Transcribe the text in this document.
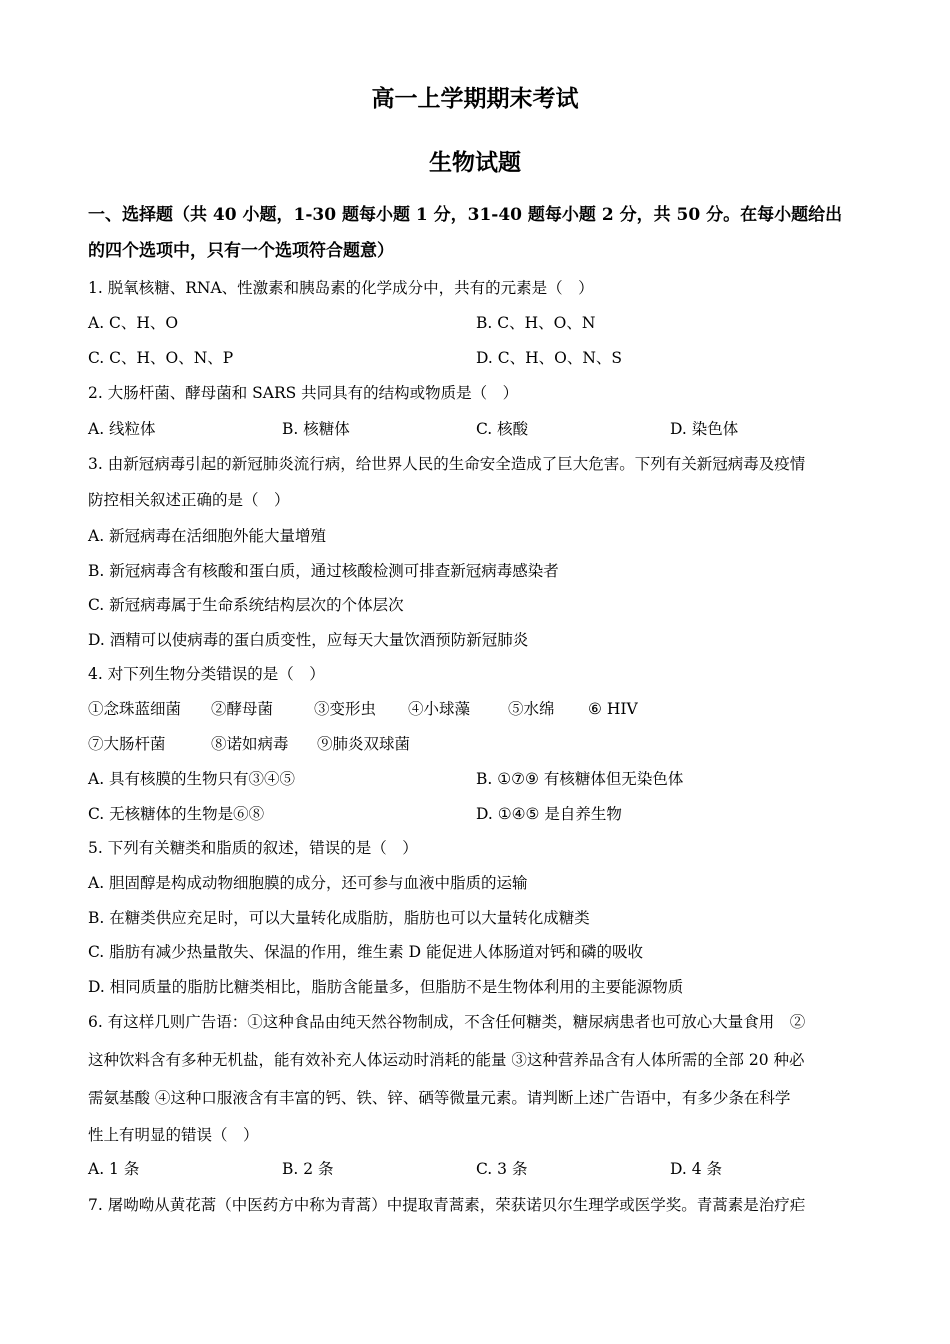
高一上学期期末考试
生物试题
一、选择题（共 40 小题，1-30 题每小题 1 分，31-40 题每小题 2 分，共 50 分。在每小题给出
的四个选项中，只有一个选项符合题意）
1. 脱氧核糖、RNA、性激素和胰岛素的化学成分中，共有的元素是（　）
A. C、H、O	B. C、H、O、N
C. C、H、O、N、P	D. C、H、O、N、S
2. 大肠杆菌、酵母菌和 SARS 共同具有的结构或物质是（　）
A. 线粒体	B. 核糖体	C. 核酸	D. 染色体
3. 由新冠病毒引起的新冠肺炎流行病，给世界人民的生命安全造成了巨大危害。下列有关新冠病毒及疫情
防控相关叙述正确的是（　）
A. 新冠病毒在活细胞外能大量增殖
B. 新冠病毒含有核酸和蛋白质，通过核酸检测可排查新冠病毒感染者
C. 新冠病毒属于生命系统结构层次的个体层次
D. 酒精可以使病毒的蛋白质变性，应每天大量饮酒预防新冠肺炎
4. 对下列生物分类错误的是（　）
①念珠蓝细菌 ②酵母菌	③变形虫 ④小球藻 ⑤水绵 ⑥ HIV
⑦大肠杆菌	⑧诺如病毒 ⑨肺炎双球菌
A. 具有核膜的生物只有③④⑤	B. ①⑦⑨ 有核糖体但无染色体
C. 无核糖体的生物是⑥⑧	D. ①④⑤ 是自养生物
5. 下列有关糖类和脂质的叙述，错误的是（　）
A. 胆固醇是构成动物细胞膜的成分，还可参与血液中脂质的运输
B. 在糖类供应充足时，可以大量转化成脂肪，脂肪也可以大量转化成糖类
C. 脂肪有减少热量散失、保温的作用，维生素 D 能促进人体肠道对钙和磷的吸收
D. 相同质量的脂肪比糖类相比，脂肪含能量多，但脂肪不是生物体利用的主要能源物质
6. 有这样几则广告语：①这种食品由纯天然谷物制成，不含任何糖类，糖尿病患者也可放心大量食用　②
这种饮料含有多种无机盐，能有效补充人体运动时消耗的能量 ③这种营养品含有人体所需的全部 20 种必
需氨基酸 ④这种口服液含有丰富的钙、铁、锌、硒等微量元素。请判断上述广告语中，有多少条在科学
性上有明显的错误（　）
A. 1 条	B. 2 条	C. 3 条	D. 4 条
7. 屠呦呦从黄花蒿（中医药方中称为青蒿）中提取青蒿素，荣获诺贝尔生理学或医学奖。青蒿素是治疗疟
